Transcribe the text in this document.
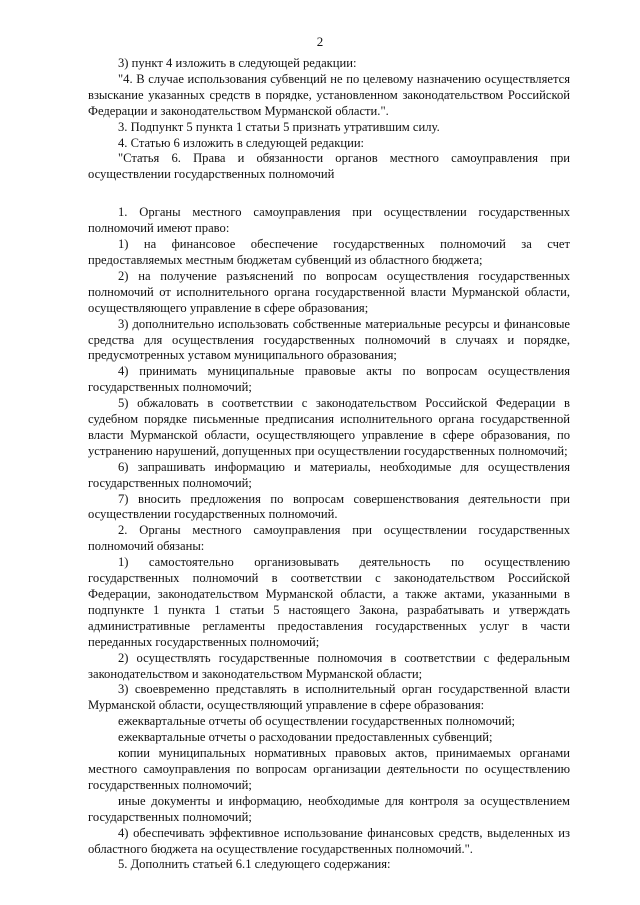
2

3) пункт 4 изложить в следующей редакции:

"4. В случае использования субвенций не по целевому назначению осуществляется взыскание указанных средств в порядке, установленном законодательством Российской Федерации и законодательством Мурманской области.".

3. Подпункт 5 пункта 1 статьи 5 признать утратившим силу.

4. Статью 6 изложить в следующей редакции:

"Статья 6. Права и обязанности органов местного самоуправления при осуществлении государственных полномочий

1. Органы местного самоуправления при осуществлении государственных полномочий имеют право:

1) на финансовое обеспечение государственных полномочий за счет предоставляемых местным бюджетам субвенций из областного бюджета;

2) на получение разъяснений по вопросам осуществления государственных полномочий от исполнительного органа государственной власти Мурманской области, осуществляющего управление в сфере образования;

3) дополнительно использовать собственные материальные ресурсы и финансовые средства для осуществления государственных полномочий в случаях и порядке, предусмотренных уставом муниципального образования;

4) принимать муниципальные правовые акты по вопросам осуществления государственных полномочий;

5) обжаловать в соответствии с законодательством Российской Федерации в судебном порядке письменные предписания исполнительного органа государственной власти Мурманской области, осуществляющего управление в сфере образования, по устранению нарушений, допущенных при осуществлении государственных полномочий;

6) запрашивать информацию и материалы, необходимые для осуществления государственных полномочий;

7) вносить предложения по вопросам совершенствования деятельности при осуществлении государственных полномочий.

2. Органы местного самоуправления при осуществлении государственных полномочий обязаны:

1) самостоятельно организовывать деятельность по осуществлению государственных полномочий в соответствии с законодательством Российской Федерации, законодательством Мурманской области, а также актами, указанными в подпункте 1 пункта 1 статьи 5 настоящего Закона, разрабатывать и утверждать административные регламенты предоставления государственных услуг в части переданных государственных полномочий;

2) осуществлять государственные полномочия в соответствии с федеральным законодательством и законодательством Мурманской области;

3) своевременно представлять в исполнительный орган государственной власти Мурманской области, осуществляющий управление в сфере образования:

ежеквартальные отчеты об осуществлении государственных полномочий;

ежеквартальные отчеты о расходовании предоставленных субвенций;

копии муниципальных нормативных правовых актов, принимаемых органами местного самоуправления по вопросам организации деятельности по осуществлению государственных полномочий;

иные документы и информацию, необходимые для контроля за осуществлением государственных полномочий;

4) обеспечивать эффективное использование финансовых средств, выделенных из областного бюджета на осуществление государственных полномочий.".

5. Дополнить статьей 6.1 следующего содержания:
